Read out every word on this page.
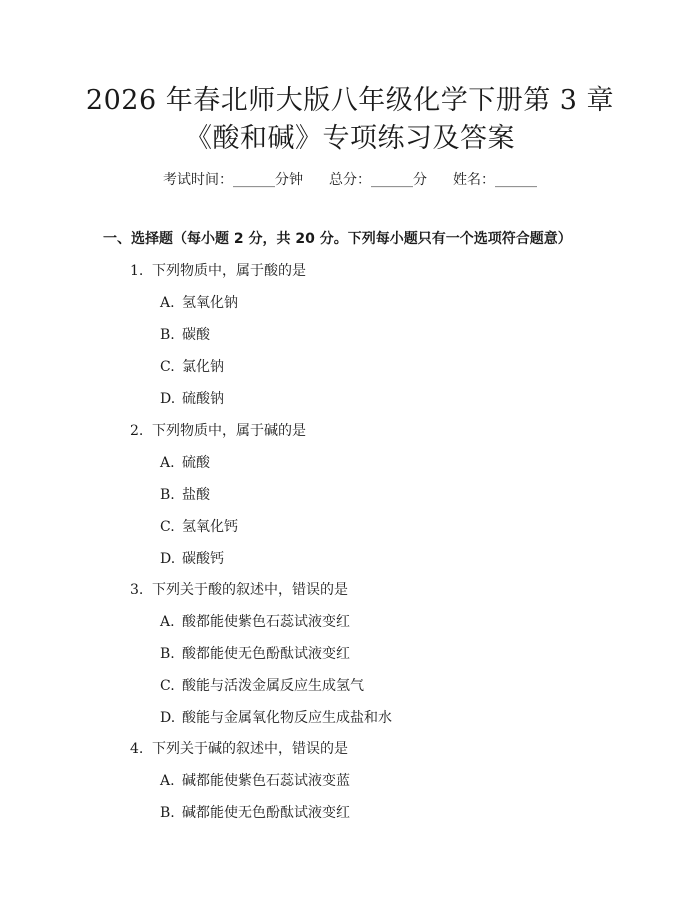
2026 年春北师大版八年级化学下册第 3 章
《酸和碱》专项练习及答案
考试时间：______分钟 总分：______分 姓名：______
一、选择题（每小题 2 分，共 20 分。下列每小题只有一个选项符合题意）
1. 下列物质中，属于酸的是
A. 氢氧化钠
B. 碳酸
C. 氯化钠
D. 硫酸钠
2. 下列物质中，属于碱的是
A. 硫酸
B. 盐酸
C. 氢氧化钙
D. 碳酸钙
3. 下列关于酸的叙述中，错误的是
A. 酸都能使紫色石蕊试液变红
B. 酸都能使无色酚酞试液变红
C. 酸能与活泼金属反应生成氢气
D. 酸能与金属氧化物反应生成盐和水
4. 下列关于碱的叙述中，错误的是
A. 碱都能使紫色石蕊试液变蓝
B. 碱都能使无色酚酞试液变红
